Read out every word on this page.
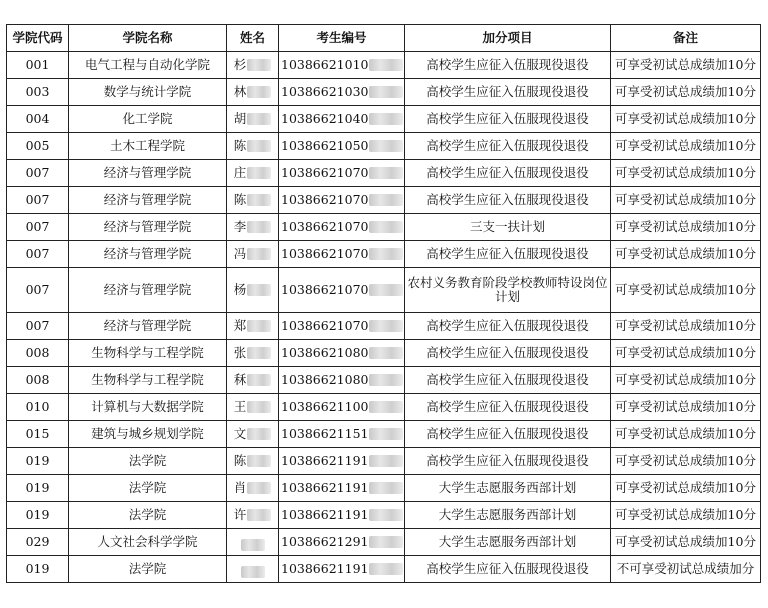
学院代码	学院名称	姓名	考生编号	加分项目	备注

001	电气工程与自动化学院	杉	10386621010	高校学生应征入伍服现役退役	可享受初试总成绩加10分

003	数学与统计学院	林	10386621030	高校学生应征入伍服现役退役	可享受初试总成绩加10分

004	化工学院	胡	10386621040	高校学生应征入伍服现役退役	可享受初试总成绩加10分

005	土木工程学院	陈	10386621050	高校学生应征入伍服现役退役	可享受初试总成绩加10分

007	经济与管理学院	庄	10386621070	高校学生应征入伍服现役退役	可享受初试总成绩加10分

007	经济与管理学院	陈	10386621070	高校学生应征入伍服现役退役	可享受初试总成绩加10分

007	经济与管理学院	李	10386621070	三支一扶计划	可享受初试总成绩加10分

007	经济与管理学院	冯	10386621070	高校学生应征入伍服现役退役	可享受初试总成绩加10分

007	经济与管理学院	杨	10386621070	农村义务教育阶段学校教师特设岗位计划	可享受初试总成绩加10分

007	经济与管理学院	郑	10386621070	高校学生应征入伍服现役退役	可享受初试总成绩加10分

008	生物科学与工程学院	张	10386621080	高校学生应征入伍服现役退役	可享受初试总成绩加10分

008	生物科学与工程学院	秝	10386621080	高校学生应征入伍服现役退役	可享受初试总成绩加10分

010	计算机与大数据学院	王	10386621100	高校学生应征入伍服现役退役	可享受初试总成绩加10分

015	建筑与城乡规划学院	文	10386621151	高校学生应征入伍服现役退役	可享受初试总成绩加10分

019	法学院	陈	10386621191	高校学生应征入伍服现役退役	可享受初试总成绩加10分

019	法学院	肖	10386621191	大学生志愿服务西部计划	可享受初试总成绩加10分

019	法学院	许	10386621191	大学生志愿服务西部计划	可享受初试总成绩加10分

029	人文社会科学学院		10386621291	大学生志愿服务西部计划	可享受初试总成绩加10分

019	法学院		10386621191	高校学生应征入伍服现役退役	不可享受初试总成绩加分
